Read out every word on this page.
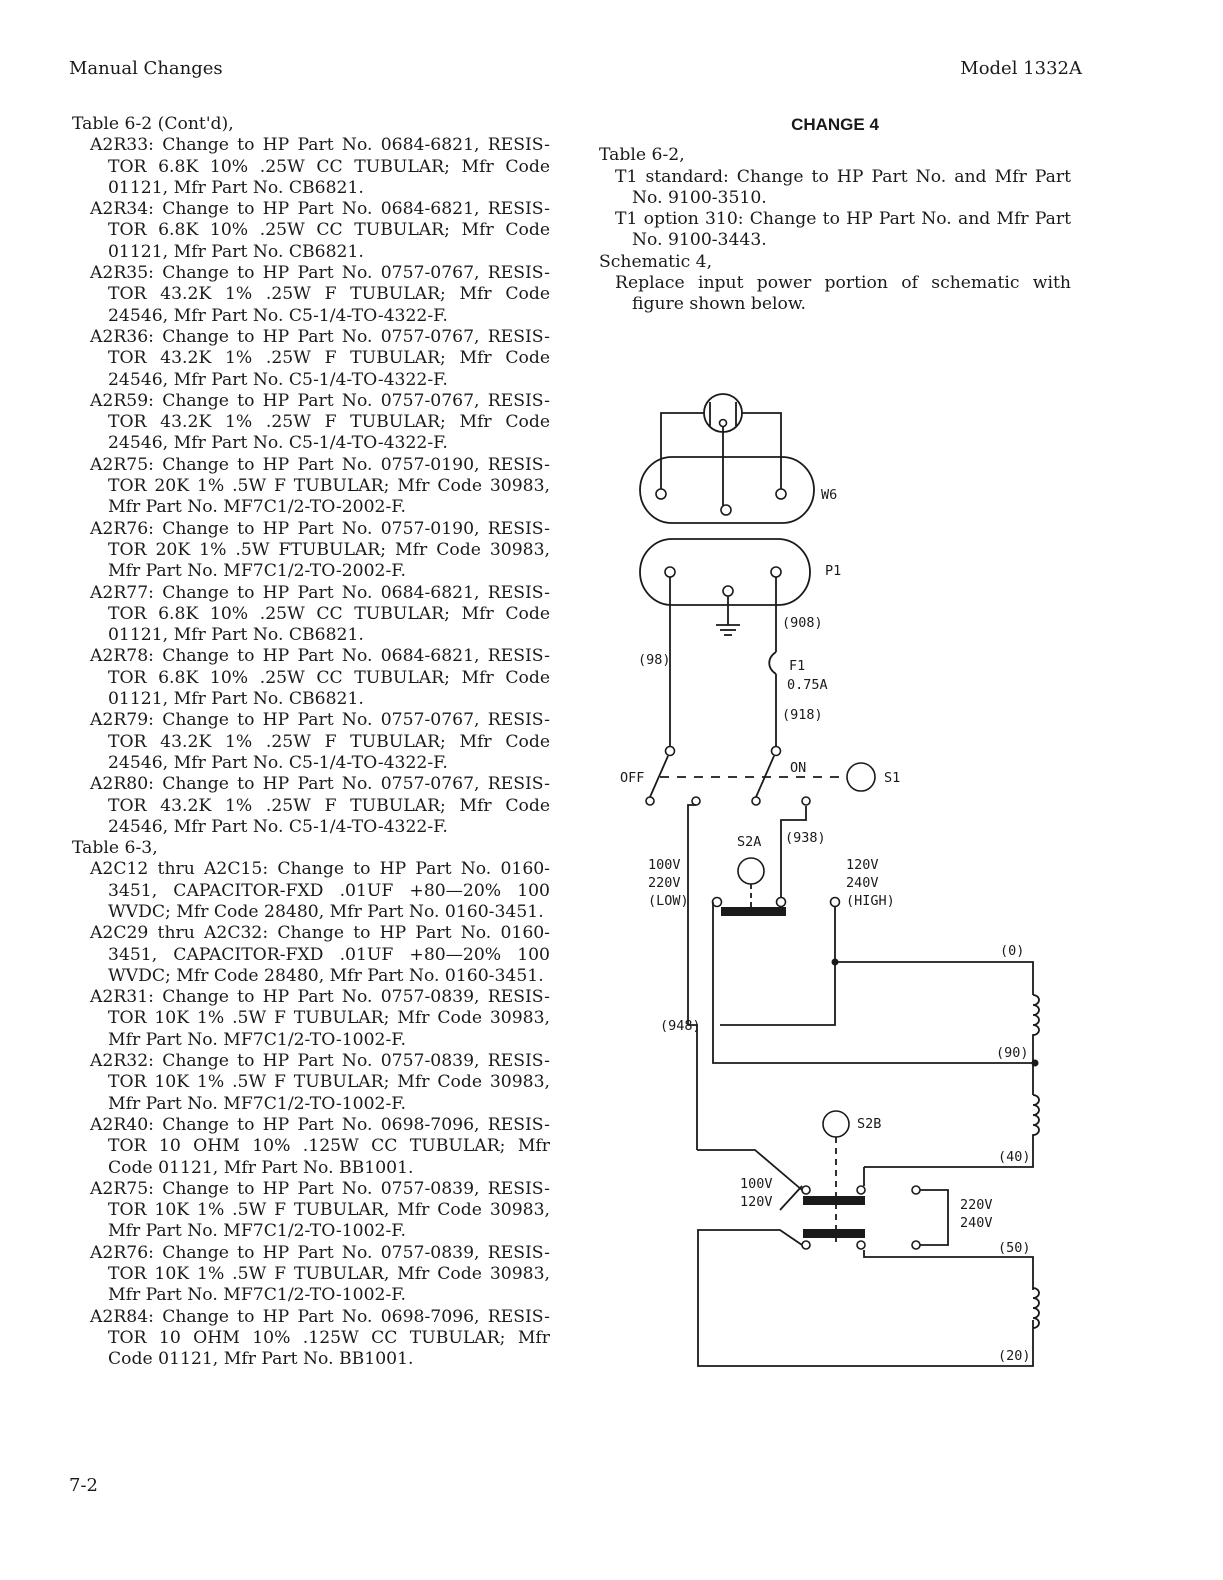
Manual Changes	Model 1332A

Table 6-2 (Cont'd),

A2R33: Change to HP Part No. 0684-6821, RESIS-TOR 6.8K 10% .25W CC TUBULAR; Mfr Code 01121, Mfr Part No. CB6821.

A2R34: Change to HP Part No. 0684-6821, RESIS-TOR 6.8K 10% .25W CC TUBULAR; Mfr Code 01121, Mfr Part No. CB6821.

A2R35: Change to HP Part No. 0757-0767, RESIS-TOR 43.2K 1% .25W F TUBULAR; Mfr Code 24546, Mfr Part No. C5-1/4-TO-4322-F.

A2R36: Change to HP Part No. 0757-0767, RESIS-TOR 43.2K 1% .25W F TUBULAR; Mfr Code 24546, Mfr Part No. C5-1/4-TO-4322-F.

A2R59: Change to HP Part No. 0757-0767, RESIS-TOR 43.2K 1% .25W F TUBULAR; Mfr Code 24546, Mfr Part No. C5-1/4-TO-4322-F.

A2R75: Change to HP Part No. 0757-0190, RESIS-TOR 20K 1% .5W F TUBULAR; Mfr Code 30983, Mfr Part No. MF7C1/2-TO-2002-F.

A2R76: Change to HP Part No. 0757-0190, RESIS-TOR 20K 1% .5W FTUBULAR; Mfr Code 30983, Mfr Part No. MF7C1/2-TO-2002-F.

A2R77: Change to HP Part No. 0684-6821, RESIS-TOR 6.8K 10% .25W CC TUBULAR; Mfr Code 01121, Mfr Part No. CB6821.

A2R78: Change to HP Part No. 0684-6821, RESIS-TOR 6.8K 10% .25W CC TUBULAR; Mfr Code 01121, Mfr Part No. CB6821.

A2R79: Change to HP Part No. 0757-0767, RESIS-TOR 43.2K 1% .25W F TUBULAR; Mfr Code 24546, Mfr Part No. C5-1/4-TO-4322-F.

A2R80: Change to HP Part No. 0757-0767, RESIS-TOR 43.2K 1% .25W F TUBULAR; Mfr Code 24546, Mfr Part No. C5-1/4-TO-4322-F.

Table 6-3,

A2C12 thru A2C15: Change to HP Part No. 0160-3451, CAPACITOR-FXD .01UF +80—20% 100 WVDC; Mfr Code 28480, Mfr Part No. 0160-3451.

A2C29 thru A2C32: Change to HP Part No. 0160-3451, CAPACITOR-FXD .01UF +80—20% 100 WVDC; Mfr Code 28480, Mfr Part No. 0160-3451.

A2R31: Change to HP Part No. 0757-0839, RESIS-TOR 10K 1% .5W F TUBULAR; Mfr Code 30983, Mfr Part No. MF7C1/2-TO-1002-F.

A2R32: Change to HP Part No. 0757-0839, RESIS-TOR 10K 1% .5W F TUBULAR; Mfr Code 30983, Mfr Part No. MF7C1/2-TO-1002-F.

A2R40: Change to HP Part No. 0698-7096, RESIS-TOR 10 OHM 10% .125W CC TUBULAR; Mfr Code 01121, Mfr Part No. BB1001.

A2R75: Change to HP Part No. 0757-0839, RESIS-TOR 10K 1% .5W F TUBULAR, Mfr Code 30983, Mfr Part No. MF7C1/2-TO-1002-F.

A2R76: Change to HP Part No. 0757-0839, RESIS-TOR 10K 1% .5W F TUBULAR, Mfr Code 30983, Mfr Part No. MF7C1/2-TO-1002-F.

A2R84: Change to HP Part No. 0698-7096, RESIS-TOR 10 OHM 10% .125W CC TUBULAR; Mfr Code 01121, Mfr Part No. BB1001.

CHANGE 4

Table 6-2,

T1 standard: Change to HP Part No. and Mfr Part No. 9100-3510.

T1 option 310: Change to HP Part No. and Mfr Part No. 9100-3443.

Schematic 4,

Replace input power portion of schematic with figure shown below.

W6
P1
(98)
(908)
F1
0.75A
(918)
OFF
ON
S1
(938)
S2A
100V
220V
(LOW)
120V
240V
(HIGH)
(948)
(0)
(90)
(40)
S2B
100V
120V	220V
240V
(50)
(20)
7-2
